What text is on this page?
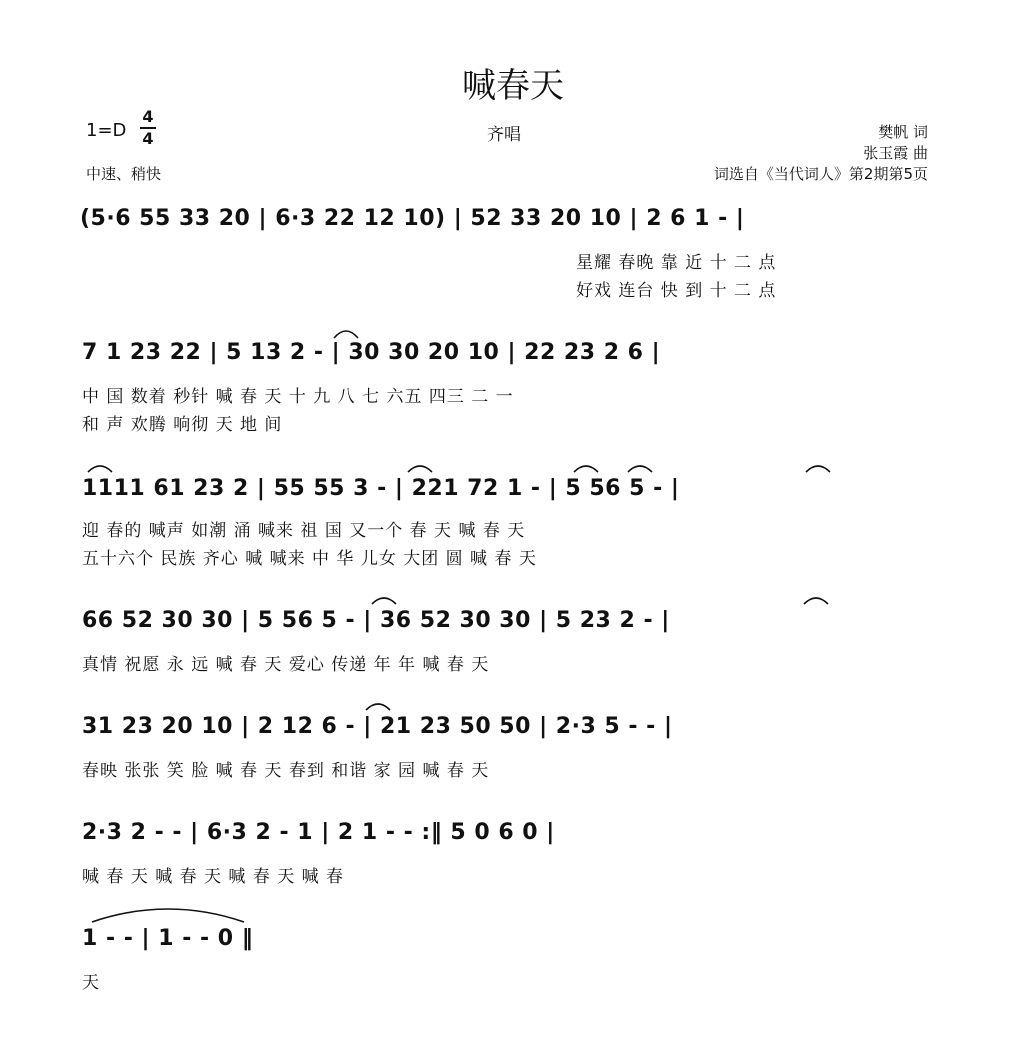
喊春天
1=D
4
4	齐唱
中速、稍快
樊帆 词
张玉霞 曲
词选自《当代词人》第2期第5页
(5·6 55 33 20 | 6·3 22 12 10) | 52 33 20 10 | 2 6 1 - |
星耀 春晚 靠 近 十 二 点
好戏 连台 快 到 十 二 点
7 1 23 22 | 5 13 2 - | 30 30 20 10 | 22 23 2 6 |
中 国 数着 秒针 喊 春 天 十 九 八 七 六五 四三 二 一
和 声 欢腾 响彻 天 地 间
1111 61 23 2 | 55 55 3 - | 221 72 1 - | 5 56 5 - |
迎 春的 喊声 如潮 涌 喊来 祖 国 又一个 春 天 喊 春 天
五十六个 民族 齐心 喊 喊来 中 华 儿女 大团 圆 喊 春 天
66 52 30 30 | 5 56 5 - | 36 52 30 30 | 5 23 2 - |
真情 祝愿 永 远 喊 春 天 爱心 传递 年 年 喊 春 天
31 23 20 10 | 2 12 6 - | 21 23 50 50 | 2·3 5 - - |
春映 张张 笑 脸 喊 春 天 春到 和谐 家 园 喊 春 天
2·3 2 - - | 6·3 2 - 1 | 2 1 - - :‖ 5 0 6 0 |
喊 春 天 喊 春 天 喊 春 天 喊 春
1 - - | 1 - - 0 ‖
天
